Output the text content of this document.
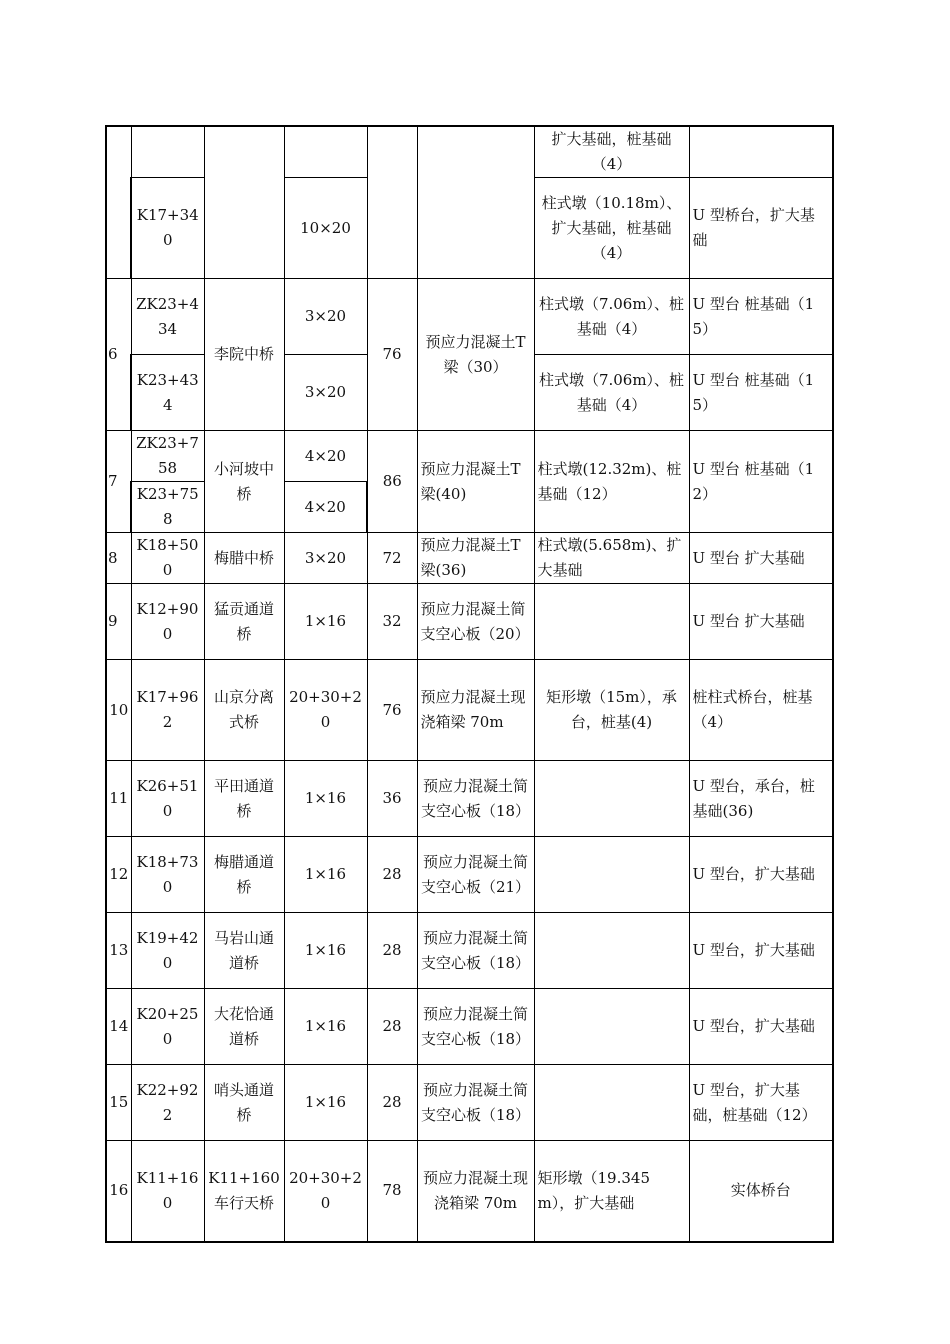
						扩大基础，桩基础（4）	
	K17+340		10×20			柱式墩（10.18m）、扩大基础，桩基础（4）	U 型桥台，扩大基础
6	ZK23+434	李院中桥	3×20	76	预应力混凝土T梁（30）	柱式墩（7.06m）、桩基础（4）	U 型台 桩基础（15）
	K23+434		3×20			柱式墩（7.06m）、桩基础（4）	U 型台 桩基础（15）
7	ZK23+758	小河坡中桥	4×20	86	预应力混凝土T梁(40)	柱式墩(12.32m)、桩基础（12）	U 型台 桩基础（12）
	K23+758		4×20				
8	K18+500	梅腊中桥	3×20	72	预应力混凝土T梁(36)	柱式墩(5.658m)、扩大基础	U 型台 扩大基础
9	K12+900	猛贡通道桥	1×16	32	预应力混凝土简支空心板（20）		U 型台 扩大基础
10	K17+962	山京分离式桥	20+30+20	76	预应力混凝土现浇箱梁 70m	矩形墩（15m），承台，桩基(4)	桩柱式桥台，桩基（4）
11	K26+510	平田通道桥	1×16	36	预应力混凝土简支空心板（18）		U 型台，承台，桩基础(36)
12	K18+730	梅腊通道桥	1×16	28	预应力混凝土简支空心板（21）		U 型台，扩大基础
13	K19+420	马岩山通道桥	1×16	28	预应力混凝土简支空心板（18）		U 型台，扩大基础
14	K20+250	大花恰通道桥	1×16	28	预应力混凝土简支空心板（18）		U 型台，扩大基础
15	K22+922	哨头通道桥	1×16	28	预应力混凝土简支空心板（18）		U 型台，扩大基础，桩基础（12）
16	K11+160	K11+160车行天桥	20+30+20	78	预应力混凝土现浇箱梁 70m	矩形墩（19.345m），扩大基础	实体桥台
